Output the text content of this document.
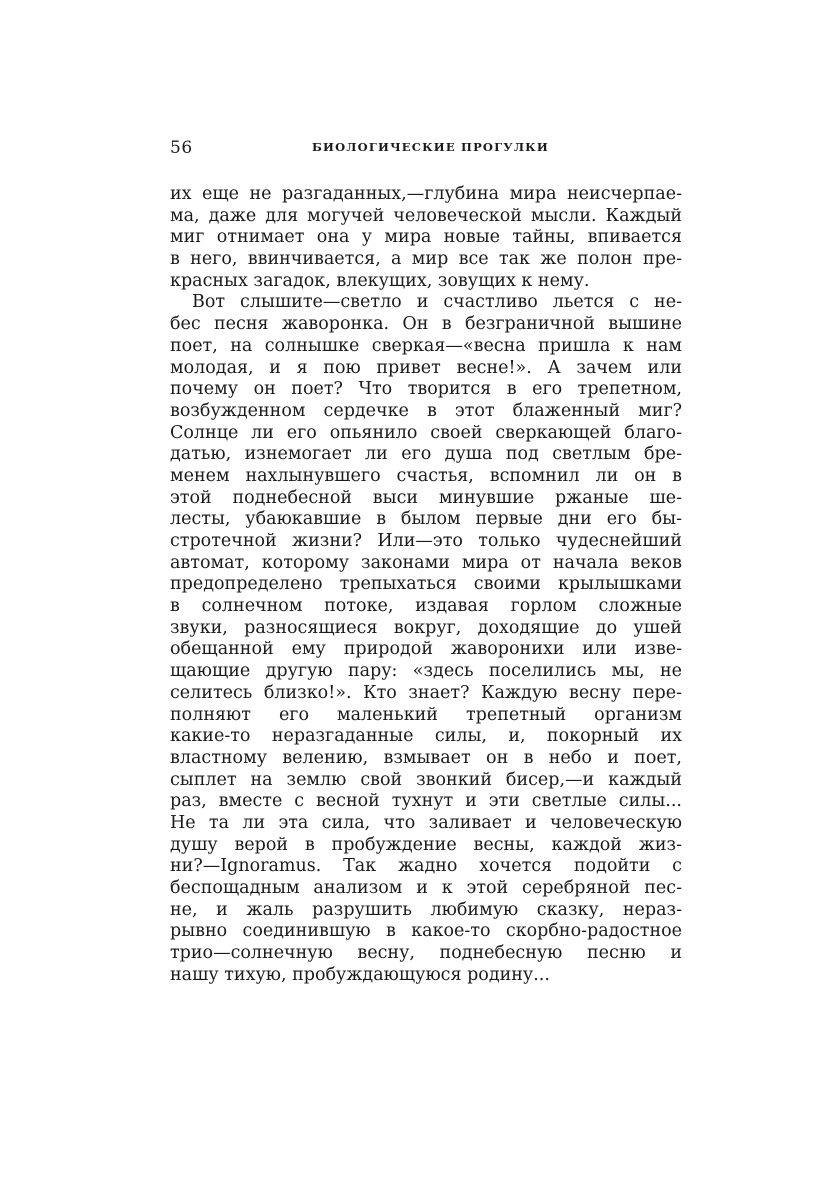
56	БИОЛОГИЧЕСКИЕ ПРОГУЛКИ
их еще не разгаданных,—глубина мира неисчерпае-
ма, даже для могучей человеческой мысли. Каждый
миг отнимает она у мира новые тайны, впивается
в него, ввинчивается, а мир все так же полон пре-
красных загадок, влекущих, зовущих к нему.
Вот слышите—светло и счастливо льется с не-
бес песня жаворонка. Он в безграничной вышине
поет, на солнышке сверкая—«весна пришла к нам
молодая, и я пою привет весне!». А зачем или
почему он поет? Что творится в его трепетном,
возбужденном сердечке в этот блаженный миг?
Солнце ли его опьянило своей сверкающей благо-
датью, изнемогает ли его душа под светлым бре-
менем нахлынувшего счастья, вспомнил ли он в
этой поднебесной выси минувшие ржаные ше-
лесты, убаюкавшие в былом первые дни его бы-
стротечной жизни? Или—это только чудеснейший
автомат, которому законами мира от начала веков
предопределено трепыхаться своими крылышками
в солнечном потоке, издавая горлом сложные
звуки, разносящиеся вокруг, доходящие до ушей
обещанной ему природой жаворонихи или изве-
щающие другую пару: «здесь поселились мы, не
селитесь близко!». Кто знает? Каждую весну пере-
полняют его маленький трепетный организм
какие-то неразгаданные силы, и, покорный их
властному велению, взмывает он в небо и поет,
сыплет на землю свой звонкий бисер,—и каждый
раз, вместе с весной тухнут и эти светлые силы...
Не та ли эта сила, что заливает и человеческую
душу верой в пробуждение весны, каждой жиз-
ни?—Ignoramus. Так жадно хочется подойти с
беспощадным анализом и к этой серебряной пес-
не, и жаль разрушить любимую сказку, нераз-
рывно соединившую в какое-то скорбно-радостное
трио—солнечную весну, поднебесную песню и
нашу тихую, пробуждающуюся родину...
